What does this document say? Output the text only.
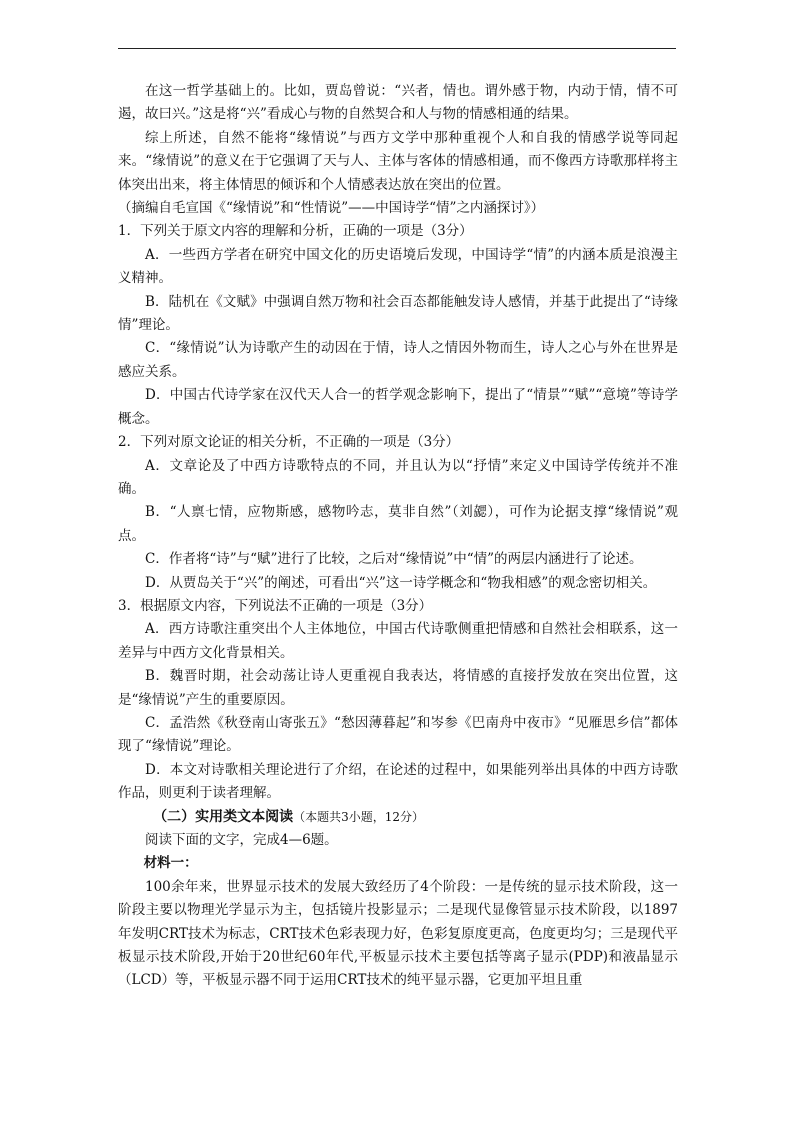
在这一哲学基础上的。比如，贾岛曾说：“兴者，情也。谓外感于物，内动于情，情不可遏，故曰兴。”这是将“兴”看成心与物的自然契合和人与物的情感相通的结果。

综上所述，自然不能将“缘情说”与西方文学中那种重视个人和自我的情感学说等同起来。“缘情说”的意义在于它强调了天与人、主体与客体的情感相通，而不像西方诗歌那样将主体突出出来，将主体情思的倾诉和个人情感表达放在突出的位置。

（摘编自毛宣国《“缘情说”和“性情说”——中国诗学“情”之内涵探讨》）

1．下列关于原文内容的理解和分析，正确的一项是（3分）

A．一些西方学者在研究中国文化的历史语境后发现，中国诗学“情”的内涵本质是浪漫主义精神。

B．陆机在《文赋》中强调自然万物和社会百态都能触发诗人感情，并基于此提出了“诗缘情”理论。

C．“缘情说”认为诗歌产生的动因在于情，诗人之情因外物而生，诗人之心与外在世界是感应关系。

D．中国古代诗学家在汉代天人合一的哲学观念影响下，提出了“情景”“赋”“意境”等诗学概念。

2．下列对原文论证的相关分析，不正确的一项是（3分）

A．文章论及了中西方诗歌特点的不同，并且认为以“抒情”来定义中国诗学传统并不准确。

B．“人禀七情，应物斯感，感物吟志，莫非自然”（刘勰），可作为论据支撑“缘情说”观点。

C．作者将“诗”与“赋”进行了比较，之后对“缘情说”中“情”的两层内涵进行了论述。

D．从贾岛关于“兴”的阐述，可看出“兴”这一诗学概念和“物我相感”的观念密切相关。

3．根据原文内容，下列说法不正确的一项是（3分）

A．西方诗歌注重突出个人主体地位，中国古代诗歌侧重把情感和自然社会相联系，这一差异与中西方文化背景相关。

B．魏晋时期，社会动荡让诗人更重视自我表达，将情感的直接抒发放在突出位置，这是“缘情说”产生的重要原因。

C．孟浩然《秋登南山寄张五》“愁因薄暮起”和岑参《巴南舟中夜市》“见雁思乡信”都体现了“缘情说”理论。

D．本文对诗歌相关理论进行了介绍，在论述的过程中，如果能列举出具体的中西方诗歌作品，则更利于读者理解。

（二）实用类文本阅读（本题共3小题，12分）

阅读下面的文字，完成4—6题。

材料一：

100余年来，世界显示技术的发展大致经历了4个阶段：一是传统的显示技术阶段，这一阶段主要以物理光学显示为主，包括镜片投影显示；二是现代显像管显示技术阶段，以1897年发明CRT技术为标志，CRT技术色彩表现力好，色彩复原度更高，色度更均匀；三是现代平板显示技术阶段,开始于20世纪60年代,平板显示技术主要包括等离子显示(PDP)和液晶显示（LCD）等，平板显示器不同于运用CRT技术的纯平显示器，它更加平坦且重
